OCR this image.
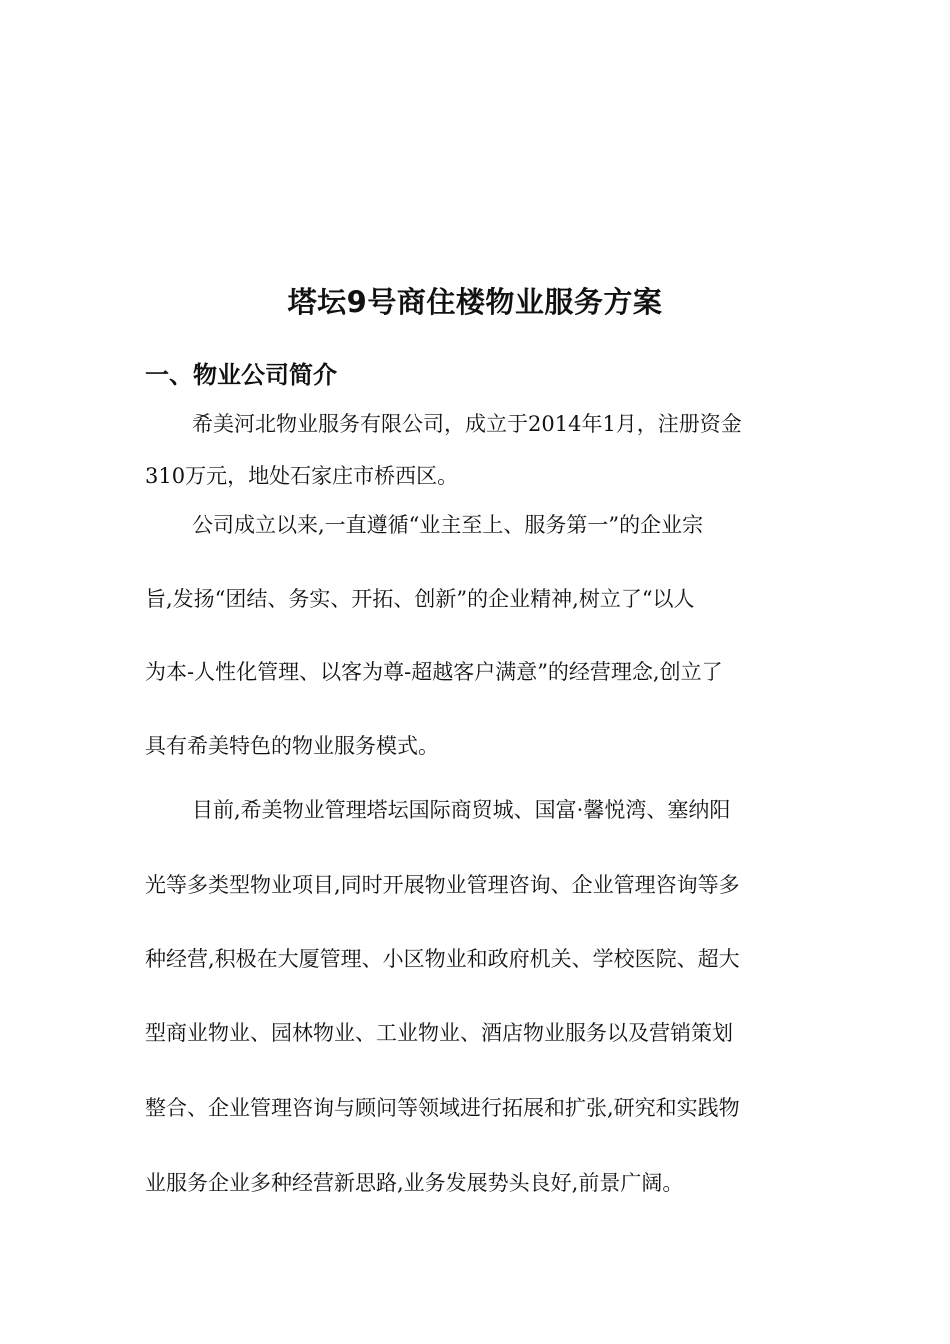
塔坛9号商住楼物业服务方案
一、物业公司简介

希美河北物业服务有限公司，成立于2014年1月，注册资金

310万元，地处石家庄市桥西区。

公司成立以来,一直遵循“业主至上、服务第一”的企业宗

旨,发扬“团结、务实、开拓、创新”的企业精神,树立了“以人

为本-人性化管理、以客为尊-超越客户满意”的经营理念,创立了

具有希美特色的物业服务模式。

目前,希美物业管理塔坛国际商贸城、国富·馨悦湾、塞纳阳

光等多类型物业项目,同时开展物业管理咨询、企业管理咨询等多

种经营,积极在大厦管理、小区物业和政府机关、学校医院、超大

型商业物业、园林物业、工业物业、酒店物业服务以及营销策划

整合、企业管理咨询与顾问等领域进行拓展和扩张,研究和实践物

业服务企业多种经营新思路,业务发展势头良好,前景广阔。
